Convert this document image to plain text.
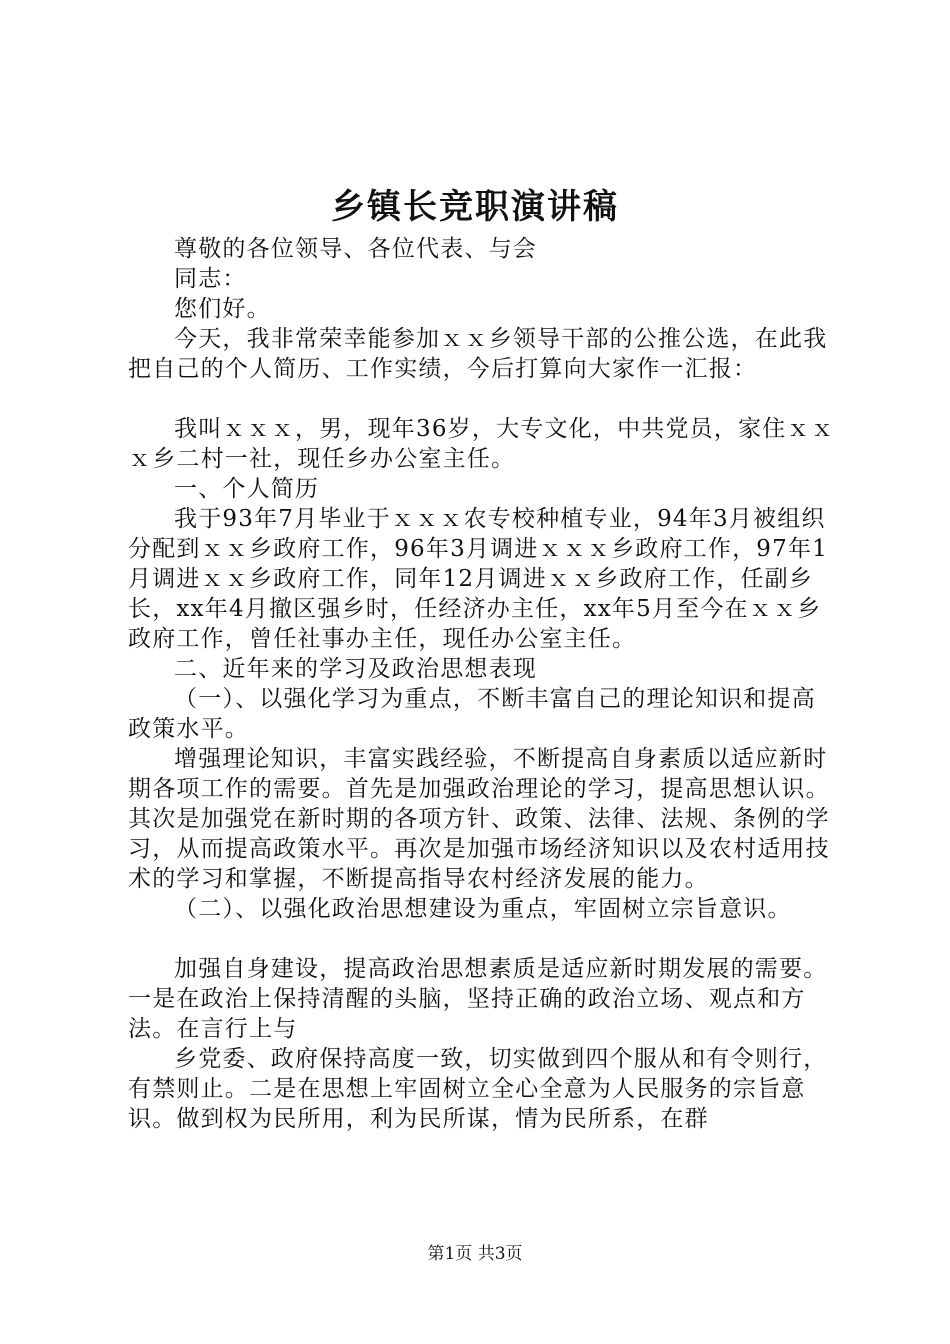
乡镇长竞职演讲稿

尊敬的各位领导、各位代表、与会

同志：

您们好。

今天，我非常荣幸能参加ｘｘ乡领导干部的公推公选，在此我把自己的个人简历、工作实绩，今后打算向大家作一汇报：

我叫ｘｘｘ，男，现年36岁，大专文化，中共党员，家住ｘｘｘ乡二村一社，现任乡办公室主任。

一、个人简历

我于93年7月毕业于ｘｘｘ农专校种植专业，94年3月被组织分配到ｘｘ乡政府工作，96年3月调进ｘｘｘ乡政府工作，97年1月调进ｘｘ乡政府工作，同年12月调进ｘｘ乡政府工作，任副乡长，xx年4月撤区强乡时，任经济办主任，xx年5月至今在ｘｘ乡政府工作，曾任社事办主任，现任办公室主任。

二、近年来的学习及政治思想表现

（一）、以强化学习为重点，不断丰富自己的理论知识和提高政策水平。

增强理论知识，丰富实践经验，不断提高自身素质以适应新时期各项工作的需要。首先是加强政治理论的学习，提高思想认识。其次是加强党在新时期的各项方针、政策、法律、法规、条例的学习，从而提高政策水平。再次是加强市场经济知识以及农村适用技术的学习和掌握，不断提高指导农村经济发展的能力。

（二）、以强化政治思想建设为重点，牢固树立宗旨意识。

加强自身建设，提高政治思想素质是适应新时期发展的需要。一是在政治上保持清醒的头脑，坚持正确的政治立场、观点和方法。在言行上与

乡党委、政府保持高度一致，切实做到四个服从和有令则行，有禁则止。二是在思想上牢固树立全心全意为人民服务的宗旨意识。做到权为民所用，利为民所谋，情为民所系，在群

第1页 共3页
